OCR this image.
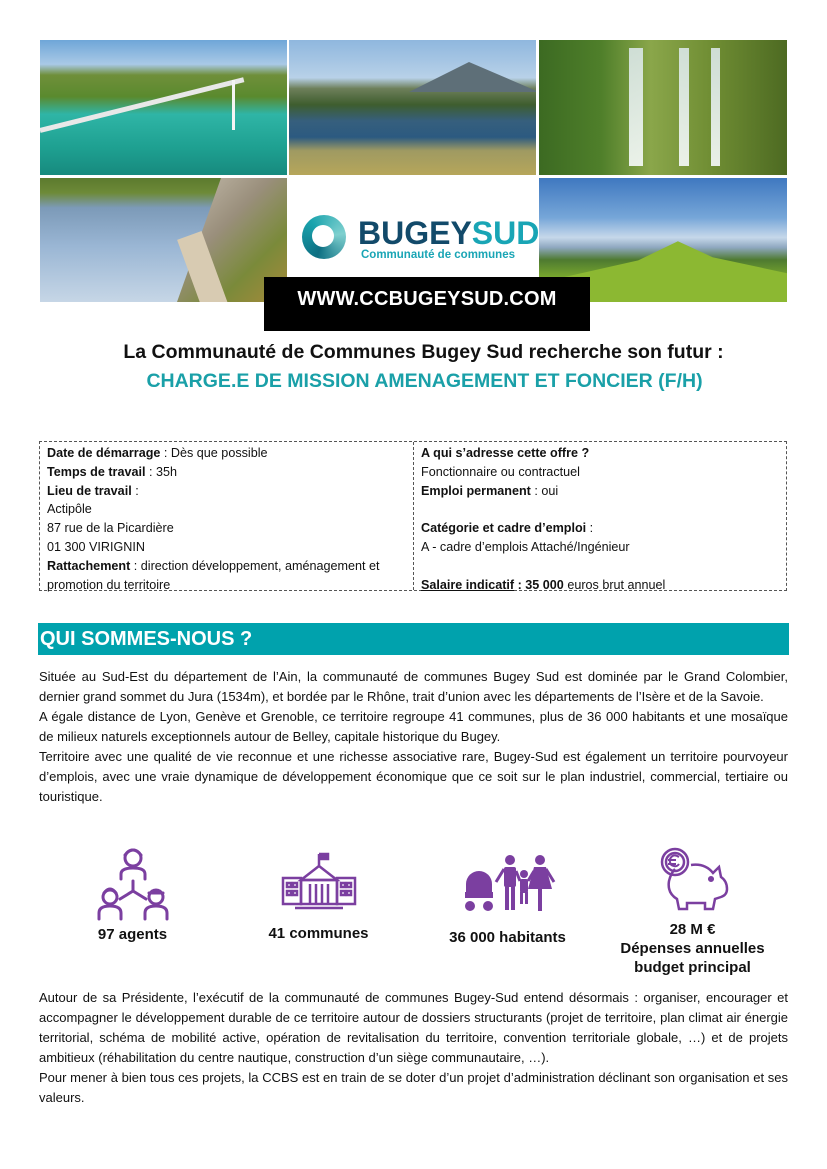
BUGEYSUD
Communauté de communes
WWW.CCBUGEYSUD.COM
La Communauté de Communes Bugey Sud recherche son futur :
CHARGE.E DE MISSION AMENAGEMENT ET FONCIER (F/H)
Date de démarrage : Dès que possible
Temps de travail : 35h
Lieu de travail :
Actipôle
87 rue de la Picardière
01 300 VIRIGNIN
Rattachement : direction développement, aménagement et promotion du territoire
A qui s’adresse cette offre ?
Fonctionnaire ou contractuel
Emploi permanent : oui
Catégorie et cadre d’emploi :
A - cadre d’emplois Attaché/Ingénieur
Salaire indicatif : 35 000 euros brut annuel
QUI SOMMES-NOUS ?

Située au Sud-Est du département de l’Ain, la communauté de communes Bugey Sud est dominée par le Grand Colombier, dernier grand sommet du Jura (1534m), et bordée par le Rhône, trait d’union avec les départements de l’Isère et de la Savoie.

A égale distance de Lyon, Genève et Grenoble, ce territoire regroupe 41 communes, plus de 36 000 habitants et une mosaïque de milieux naturels exceptionnels autour de Belley, capitale historique du Bugey.

Territoire avec une qualité de vie reconnue et une richesse associative rare, Bugey-Sud est également un territoire pourvoyeur d’emplois, avec une vraie dynamique de développement économique que ce soit sur le plan industriel, commercial, tertiaire ou touristique.

97 agents	41 communes	36 000 habitants	28 M €
Dépenses annuelles
budget principal

Autour de sa Présidente, l’exécutif de la communauté de communes Bugey-Sud entend désormais : organiser, encourager et accompagner le développement durable de ce territoire autour de dossiers structurants (projet de territoire, plan climat air énergie territorial, schéma de mobilité active, opération de revitalisation du territoire, convention territoriale globale, …) et de projets ambitieux (réhabilitation du centre nautique, construction d’un siège communautaire, …).

Pour mener à bien tous ces projets, la CCBS est en train de se doter d’un projet d’administration déclinant son organisation et ses valeurs.
